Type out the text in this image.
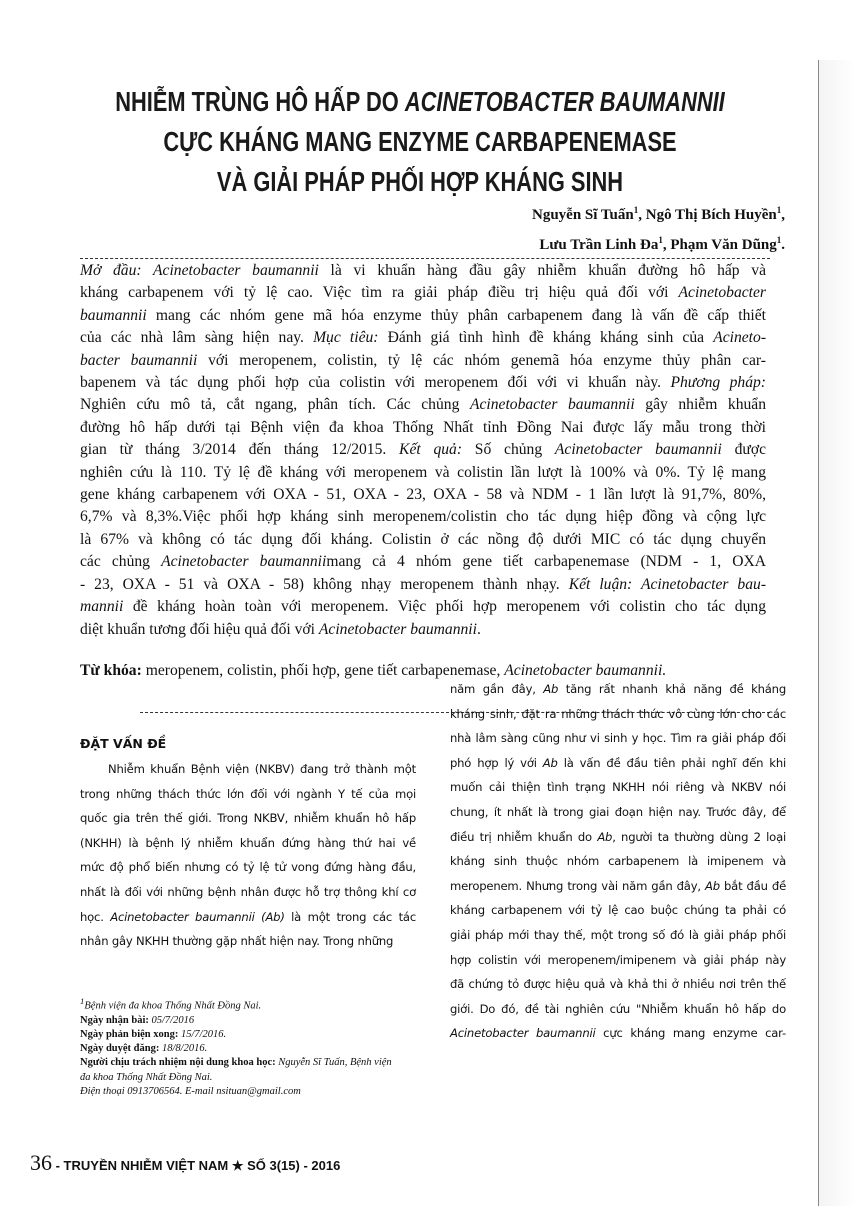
NHIỄM TRÙNG HÔ HẤP DO ACINETOBACTER BAUMANNII
CỰC KHÁNG MANG ENZYME CARBAPENEMASE
VÀ GIẢI PHÁP PHỐI HỢP KHÁNG SINH
Nguyễn Sĩ Tuấn$^1$, Ngô Thị Bích Huyền$^1$,
Lưu Trần Linh $Đa^1$, Phạm Văn Dũng$^1$.
Mở đầu: Acinetobacter baumannii là vi khuẩn hàng đầu gây nhiễm khuẩn đường hô hấp và
kháng carbapenem với tỷ lệ cao. Việc tìm ra giải pháp điều trị hiệu quả đối với Acinetobacter
baumannii mang các nhóm gene mã hóa enzyme thủy phân carbapenem đang là vấn đề cấp thiết
của các nhà lâm sàng hiện nay. Mục tiêu: Đánh giá tình hình đề kháng kháng sinh của Acineto-
bacter baumannii với meropenem, colistin, tỷ lệ các nhóm genemã hóa enzyme thủy phân car-
bapenem và tác dụng phối hợp của colistin với meropenem đối với vi khuẩn này. Phương pháp:
Nghiên cứu mô tả, cắt ngang, phân tích. Các chủng Acinetobacter baumannii gây nhiễm khuẩn
đường hô hấp dưới tại Bệnh viện đa khoa Thống Nhất tỉnh Đồng Nai được lấy mẫu trong thời
gian từ tháng 3/2014 đến tháng 12/2015. Kết quả: Số chủng Acinetobacter baumannii được
nghiên cứu là 110. Tỷ lệ đề kháng với meropenem và colistin lần lượt là 100% và 0%. Tỷ lệ mang
gene kháng carbapenem với OXA - 51, OXA - 23, OXA - 58 và NDM - 1 lần lượt là 91,7%, 80%,
6,7% và 8,3%.Việc phối hợp kháng sinh meropenem/colistin cho tác dụng hiệp đồng và cộng lực
là 67% và không có tác dụng đối kháng. Colistin ở các nồng độ dưới MIC có tác dụng chuyển
các chủng Acinetobacter baumanniimang cả 4 nhóm gene tiết carbapenemase (NDM - 1, OXA
- 23, OXA - 51 và OXA - 58) không nhạy meropenem thành nhạy. Kết luận: Acinetobacter bau-
mannii đề kháng hoàn toàn với meropenem. Việc phối hợp meropenem với colistin cho tác dụng
diệt khuẩn tương đối hiệu quả đối với Acinetobacter baumannii.
Từ khóa: meropenem, colistin, phối hợp, gene tiết carbapenemase, Acinetobacter baumannii.
ĐẶT VẤN ĐỀ
Nhiễm khuẩn Bệnh viện (NKBV) đang trở thành một
trong những thách thức lớn đối với ngành Y tế của mọi
quốc gia trên thế giới. Trong NKBV, nhiễm khuẩn hô hấp
(NKHH) là bệnh lý nhiễm khuẩn đứng hàng thứ hai về
mức độ phổ biến nhưng có tỷ lệ tử vong đứng hàng đầu,
nhất là đối với những bệnh nhân được hỗ trợ thông khí cơ
học. Acinetobacter baumannii (Ab) là một trong các tác
nhân gây NKHH thường gặp nhất hiện nay. Trong những
năm gần đây, Ab tăng rất nhanh khả năng đề kháng
kháng sinh, đặt ra những thách thức vô cùng lớn cho các
nhà lâm sàng cũng như vi sinh y học. Tìm ra giải pháp đối
phó hợp lý với Ab là vấn đề đầu tiên phải nghĩ đến khi
muốn cải thiện tình trạng NKHH nói riêng và NKBV nói
chung, ít nhất là trong giai đoạn hiện nay. Trước đây, để
điều trị nhiễm khuẩn do Ab, người ta thường dùng 2 loại
kháng sinh thuộc nhóm carbapenem là imipenem và
meropenem. Nhưng trong vài năm gần đây, Ab bắt đầu đề
kháng carbapenem với tỷ lệ cao buộc chúng ta phải có
giải pháp mới thay thế, một trong số đó là giải pháp phối
hợp colistin với meropenem/imipenem và giải pháp này
đã chứng tỏ được hiệu quả và khả thi ở nhiều nơi trên thế
giới. Do đó, đề tài nghiên cứu "Nhiễm khuẩn hô hấp do
Acinetobacter baumannii cực kháng mang enzyme car-
$^1$Bệnh viện đa khoa Thống Nhất Đồng Nai.
Ngày nhận bài: 05/7/2016
Ngày phản biện xong: 15/7/2016.
Ngày duyệt đăng: 18/8/2016.
Người chịu trách nhiệm nội dung khoa học: Nguyễn Sĩ Tuấn, Bệnh viện
đa khoa Thống Nhất Đồng Nai.
Điện thoại 0913706564. E-mail nsituan@gmail.com
36 - TRUYỀN NHIỄM VIỆT NAM ★ SỐ 3(15) - 2016
